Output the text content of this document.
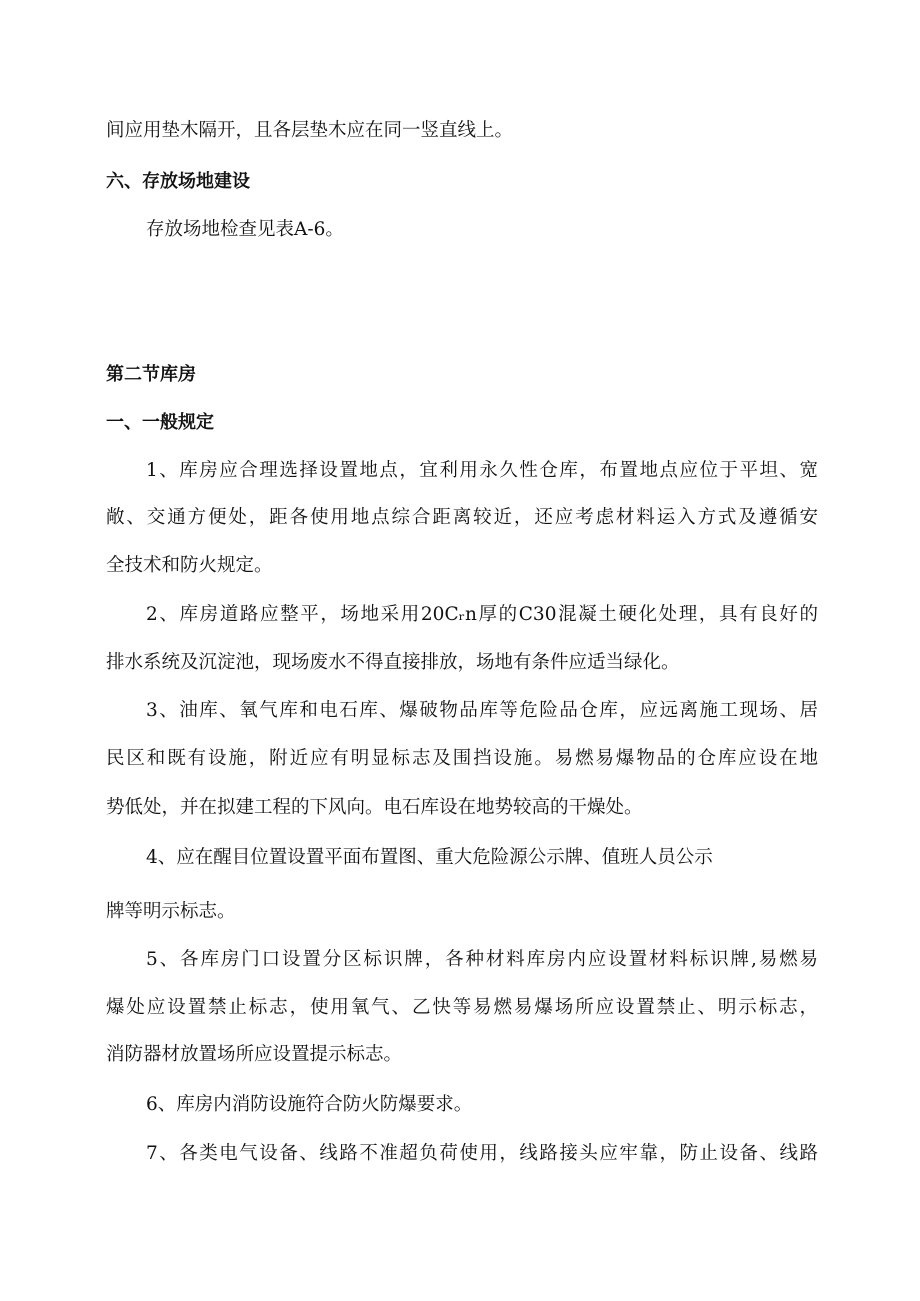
间应用垫木隔开，且各层垫木应在同一竖直线上。
六、存放场地建设
存放场地检查见表A-6。
第二节库房
一、一般规定
1、库房应合理选择设置地点，宜利用永久性仓库，布置地点应位于平坦、宽
敞、交通方便处，距各使用地点综合距离较近，还应考虑材料运入方式及遵循安
全技术和防火规定。
2、库房道路应整平，场地采用20Cᵣn厚的C30混凝土硬化处理，具有良好的
排水系统及沉淀池，现场废水不得直接排放，场地有条件应适当绿化。
3、油库、氧气库和电石库、爆破物品库等危险品仓库，应远离施工现场、居
民区和既有设施，附近应有明显标志及围挡设施。易燃易爆物品的仓库应设在地
势低处，并在拟建工程的下风向。电石库设在地势较高的干燥处。
4、应在醒目位置设置平面布置图、重大危险源公示牌、值班人员公示
牌等明示标志。
5、各库房门口设置分区标识牌，各种材料库房内应设置材料标识牌,易燃易
爆处应设置禁止标志，使用氧气、乙快等易燃易爆场所应设置禁止、明示标志，
消防器材放置场所应设置提示标志。
6、库房内消防设施符合防火防爆要求。
7、各类电气设备、线路不准超负荷使用，线路接头应牢靠，防止设备、线路
